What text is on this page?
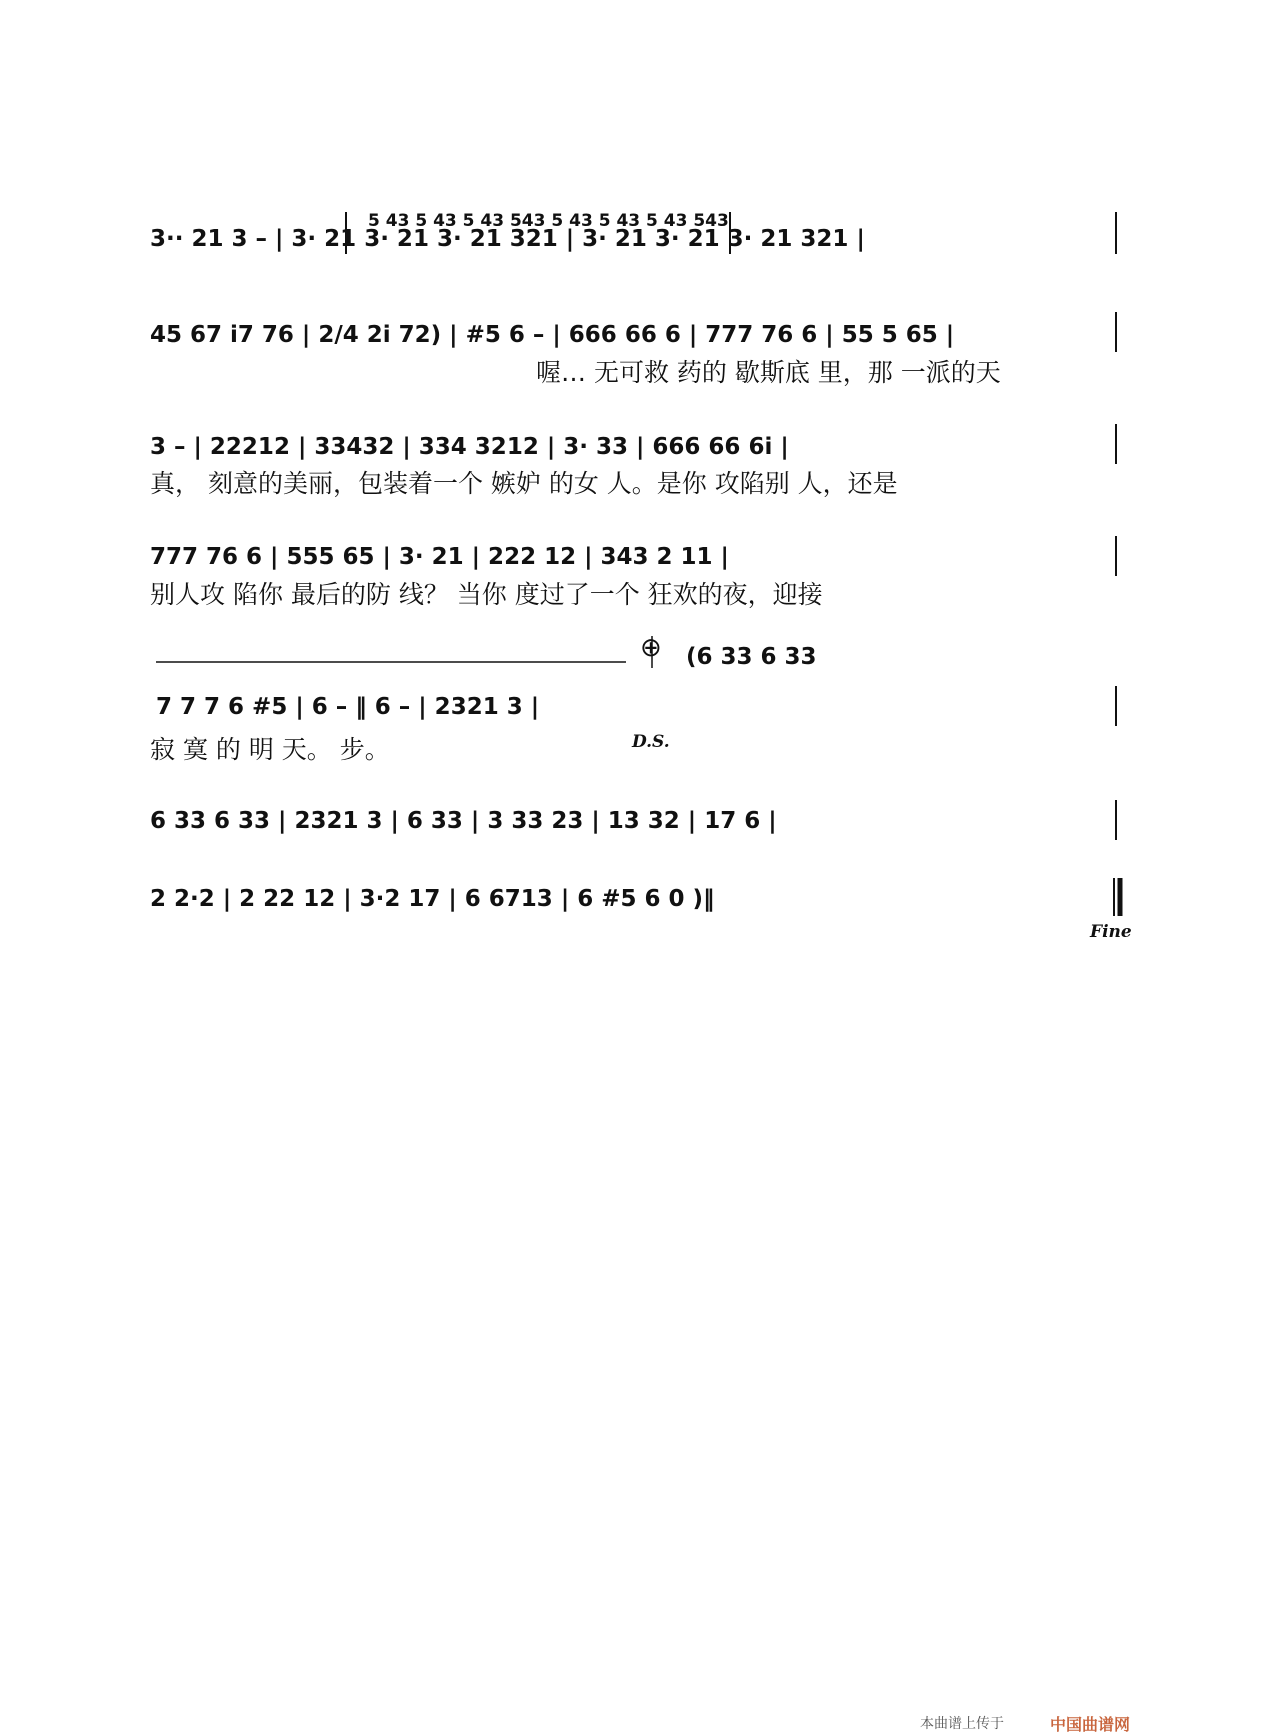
5 43 5 43 5 43 543 5 43 5 43 5 43 543
3·· 21 3 – | 3· 21 3· 21 3· 21 321 | 3· 21 3· 21 3· 21 321 |
45 67 i7 76 | 2/4 2i 72) | #5 6 – | 666 66 6 | 777 76 6 | 55 5 65 |
喔… 无可救 药的 歇斯底 里，那 一派的天
3 – | 22212 | 33432 | 334 3212 | 3· 33 | 666 66 6i |
真， 刻意的美丽，包装着一个 嫉妒 的女 人。是你 攻陷别 人，还是
777 76 6 | 555 65 | 3· 21 | 222 12 | 343 2 11 |
别人攻 陷你 最后的防 线？ 当你 度过了一个 狂欢的夜，迎接
⊕ (6 33 6 33
7 7 7 6 #5 | 6 – ‖ 6 – | 2321 3 |
D.S.
寂 寞 的 明 天。 步。
6 33 6 33 | 2321 3 | 6 33 | 3 33 23 | 13 32 | 17 6 |
2 2·2 | 2 22 12 | 3·2 17 | 6 6713 | 6 #5 6 0 )‖
Fine
本曲谱上传于	中国曲谱网
